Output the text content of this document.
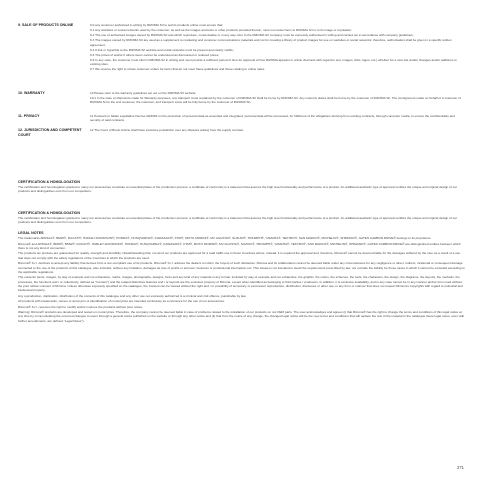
9. SALE OF PRODUCTS ONLINE	9.0 any customer authorised in writing by RIZOMA Srl to sell its products online must ensure that:

9.1 Any websites or social networks used by the customer, as well as the images and texts or other products provided therein, must not cause harm to RIZOMA Srl or to its image or reputation;

9.2 The use of authorised images owned by RIZOMA Srl and which reproduce, contextualise or in any way refer to the RIZOMA Srl company must be expressly authorised in writing and carried out in accordance with company guidelines;

9.3 The images owned by RIZOMA Srl are used as a supplement to marketing and customer communications materials and not for creating a library of product images for use on websites or social networks; therefore, authorisation shall be given in a specific written agreement;

9.4 A link or hyperlink to the RIZOMA Srl website and social networks must be present and clearly visible;

9.5 The prices of and/or if others items cannot be understood as discounted or reduced prices;

9.6 In any case, the customer must inform RIZOMA Srl in writing and must provide a sufficient period of time for approval of how RIZOMA appears in online channels with regard to text, images, links, logos, etc.) whether for a new site and/or changes and/or additions to existing sites.

9.7 We reserve the right to refuse customer orders for items that do not meet these guidelines and those relating to online sales.

10. WARRANTY	10 Please refer to the warranty guidelines set out on the RIZOMA Srl website.

10.1 In the case of shipments made for Warranty purposes, any transport costs sustained by the customer of RIZOMA Srl shall be borne by RIZOMA Srl. Any customs duties shall be borne by the customer of RIZOMA Srl. The consignment made on behalf of a customer of RIZOMA Srl to the end customer, the customer, and transport costs will be fully borne by the customer of RIZOMA Srl.

11. PRIVACY	11 Pursuant to Italian Legislative Decree 30/2003 on the protection of personal data as amended and integrated, personal data will be processed, for fulfilment of the obligations deriving from existing contracts, through computer media, to ensure the confidentiality and security of said contracts.

12. JURISDICTION AND COMPETENT COURT

12 The Court of Busto Arsizio shall have exclusive jurisdiction over any disputes arising from the supply contract.

CERTIFICATION & HOMOLOGATION

The certification and homologation granted to many our accessories constitute an essential phase of the production process: a certificate of conformity is a statement that assures the high level functionality and performance of a product. An additional aesthetic type of approval certifies the unique and original design of our products and distinguishes ours from our competitors.

CERTIFICATION & HOMOLOGATION

The certification and homologation granted to many our accessories constitute an essential phase of the production process: a certificate of conformity is a statement that assures the high level functionality and performance of a product. An additional aesthetic type of approval certifies the unique and original design of our products and distinguishes ours from our competitors.

LEGAL NOTES

The trademarks APRILIA®, BMW®, DUCATI®, HARLEY-DAVIDSON®, HONDA®, HUSQVARNA®, KAWASAKI®, KTM®, MOTO MORINI®, MV AGUSTA®, SUZUKI®, TRIUMPH®, YAMAHA®, TEKTRO®, SAN MARCO®, MICHELIN®, SHIMANO®, GATES CARBON DRIVE® belongs to its proprietors.

Rizoma® and APRILIA®, BMW®, BMW®, DUCATI®, HARLEY-DAVIDSON®, HONDA®, HUSQVARNA®, KAWASAKI®, KTM®, MOTO MORINI®, MV AGUSTA®, SUZUKI®, TRIUMPH®, YAMAHA®, TEKTRO®, SAN MARCO®, MICHELIN®, SHIMANO®, GATES CARBON DRIVE® are distinguished entities between which there is not any kind of connection.

The products we produce are guaranteed for quality, strength and durability. Notwithstanding that, not all of our products are approved for a road traffic use in those Countries where, instead, it is required the approval and, therefore, Rizoma® cannot be deemed liable for the damages suffered by the user as a result of a use that does not comply with the safety regulations of the Countries in which the products are used.

Rizoma® S.r.l. declines to accept any liability that derives from a non-compliant use of its products. Rizoma® S.r.l. advises the dealers to inform the buyers of such disclaimer. Rizoma and its collaborators cannot be deemed liable under any circumstances for any negligence or direct, indirect, incidental or consequent damage connected to the use of the products of this catalogue, also included, without any limitation, damages as loss of profits or turnover, business or professional interruption etc. This clause is not intended to avoid the requirements prescribed by law, nor exclude the liability for those cases in which it cannot be excluded according to the applicable regulations.

The contents (texts, images, by way of example and not exhaustive, marks, images, photographs, designs, fonts and any kind of any material in any format, included by way of example and not exhaustive, the graphic, the colors, the schemes, the tools, the characters, the design, the diagrams, the layouts, the methods, the processes, the functions and / or collectively, defined as "Content") and the related distinctive features and / or layouts are the exclusive property of Rizoma, except when identified as belonging to third parties / producers. In addition, it is exclusive availability, and in any case cannot be in any manner and/or form used without the prior written consent of Rizoma. Unless otherwise expressly specified on the catalogue, the Content can be viewed without the right and / or possibility of temporary or permanent reproduction, distribution, disclosure or other use, in any form or manner that does not respect Rizoma's copyrights with regard to industrial and intellectual property.

Any reproduction, duplication, distribution of the contents of this catalogue and any other use not expressly authorized is a criminal and civil offence, punishable by law.

All products with trademarks, names or acronyms of identification of motorcycles are intended exclusively as a reference for the use of our accessories.

Rizoma® S.r.l. reserves the right to modify and/or improve the products without prior notice.

Warning: Rizoma® products are developed and tested on motorcycles. Therefore, the company cannot be deemed liable in case of problems related to the installation of our products on not OEM parts. The user acknowledges and agrees (i) that Rizoma® has the right to change the terms and conditions of this legal notice at any time by communicating the occurred changes to users through a general notice published on the website or through any other notice and (ii) that from the notice of any change, the changed legal notice will be the new terms and conditions that will replace the rest of the material in the catalogue these legal notes, even with further amendments, are defined "Legal Notes").

271
